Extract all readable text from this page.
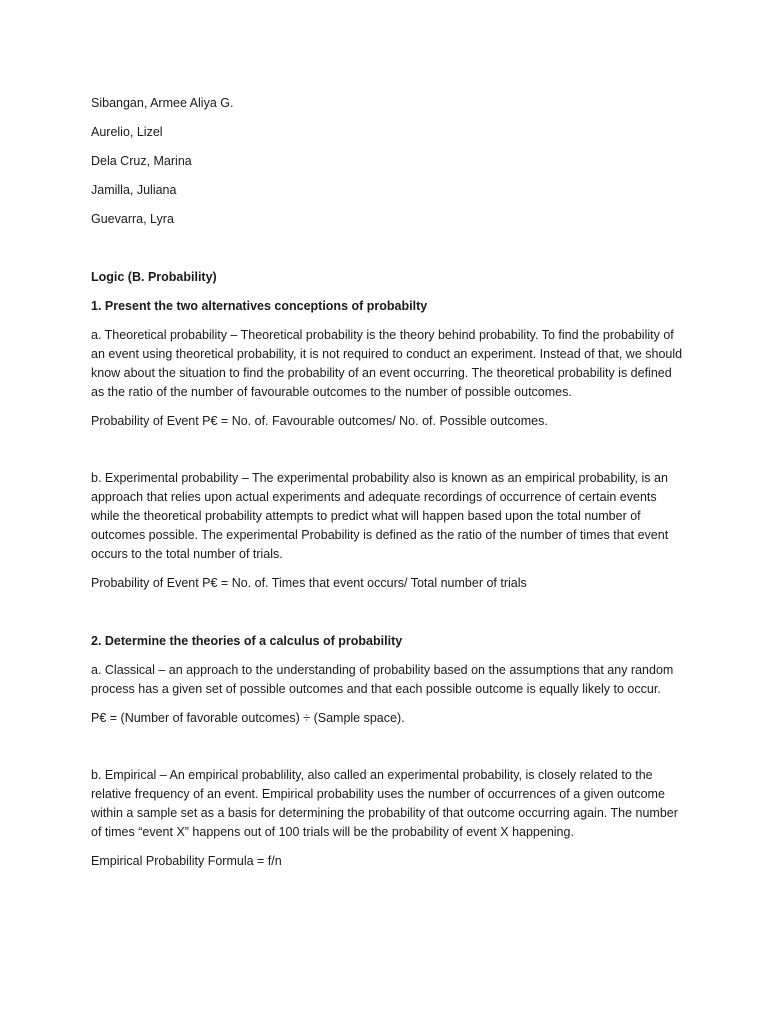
Sibangan, Armee Aliya G.

Aurelio, Lizel

Dela Cruz, Marina

Jamilla, Juliana

Guevarra, Lyra

Logic (B. Probability)

1. Present the two alternatives conceptions of probabilty

a. Theoretical probability – Theoretical probability is the theory behind probability. To find the probability of an event using theoretical probability, it is not required to conduct an experiment. Instead of that, we should know about the situation to find the probability of an event occurring. The theoretical probability is defined as the ratio of the number of favourable outcomes to the number of possible outcomes.

Probability of Event P€ = No. of. Favourable outcomes/ No. of. Possible outcomes.

b. Experimental probability – The experimental probability also is known as an empirical probability, is an approach that relies upon actual experiments and adequate recordings of occurrence of certain events while the theoretical probability attempts to predict what will happen based upon the total number of outcomes possible. The experimental Probability is defined as the ratio of the number of times that event occurs to the total number of trials.

Probability of Event P€ = No. of. Times that event occurs/ Total number of trials

2. Determine the theories of a calculus of probability

a. Classical – an approach to the understanding of probability based on the assumptions that any random process has a given set of possible outcomes and that each possible outcome is equally likely to occur.

P€ = (Number of favorable outcomes) ÷ (Sample space).

b. Empirical – An empirical probablility, also called an experimental probability, is closely related to the relative frequency of an event. Empirical probability uses the number of occurrences of a given outcome within a sample set as a basis for determining the probability of that outcome occurring again. The number of times “event X” happens out of 100 trials will be the probability of event X happening.

Empirical Probability Formula = f/n
